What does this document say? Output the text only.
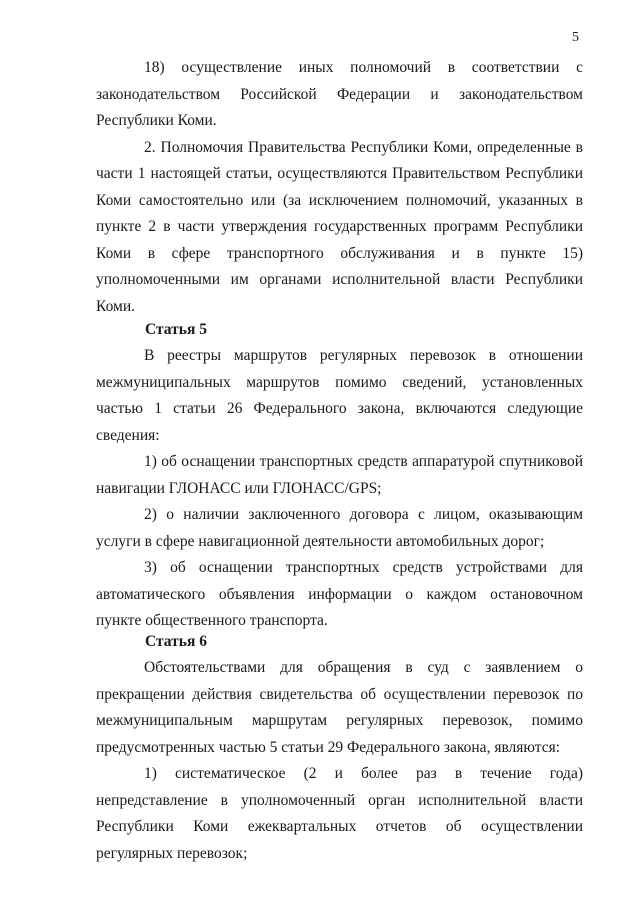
5

18) осуществление иных полномочий в соответствии с законодательством Российской Федерации и законодательством Республики Коми.

2. Полномочия Правительства Республики Коми, определенные в части 1 настоящей статьи, осуществляются Правительством Республики Коми самостоятельно или (за исключением полномочий, указанных в пункте 2 в части утверждения государственных программ Республики Коми в сфере транспортного обслуживания и в пункте 15) уполномоченными им органами исполнительной власти Республики Коми.

Статья 5

В реестры маршрутов регулярных перевозок в отношении межмуниципальных маршрутов помимо сведений, установленных частью 1 статьи 26 Федерального закона, включаются следующие сведения:

1) об оснащении транспортных средств аппаратурой спутниковой навигации ГЛОНАСС или ГЛОНАСС/GPS;

2) о наличии заключенного договора с лицом, оказывающим услуги в сфере навигационной деятельности автомобильных дорог;

3) об оснащении транспортных средств устройствами для автоматического объявления информации о каждом остановочном пункте общественного транспорта.

Статья 6

Обстоятельствами для обращения в суд с заявлением о прекращении действия свидетельства об осуществлении перевозок по межмуниципальным маршрутам регулярных перевозок, помимо предусмотренных частью 5 статьи 29 Федерального закона, являются:

1) систематическое (2 и более раз в течение года) непредставление в уполномоченный орган исполнительной власти Республики Коми ежеквартальных отчетов об осуществлении регулярных перевозок;
